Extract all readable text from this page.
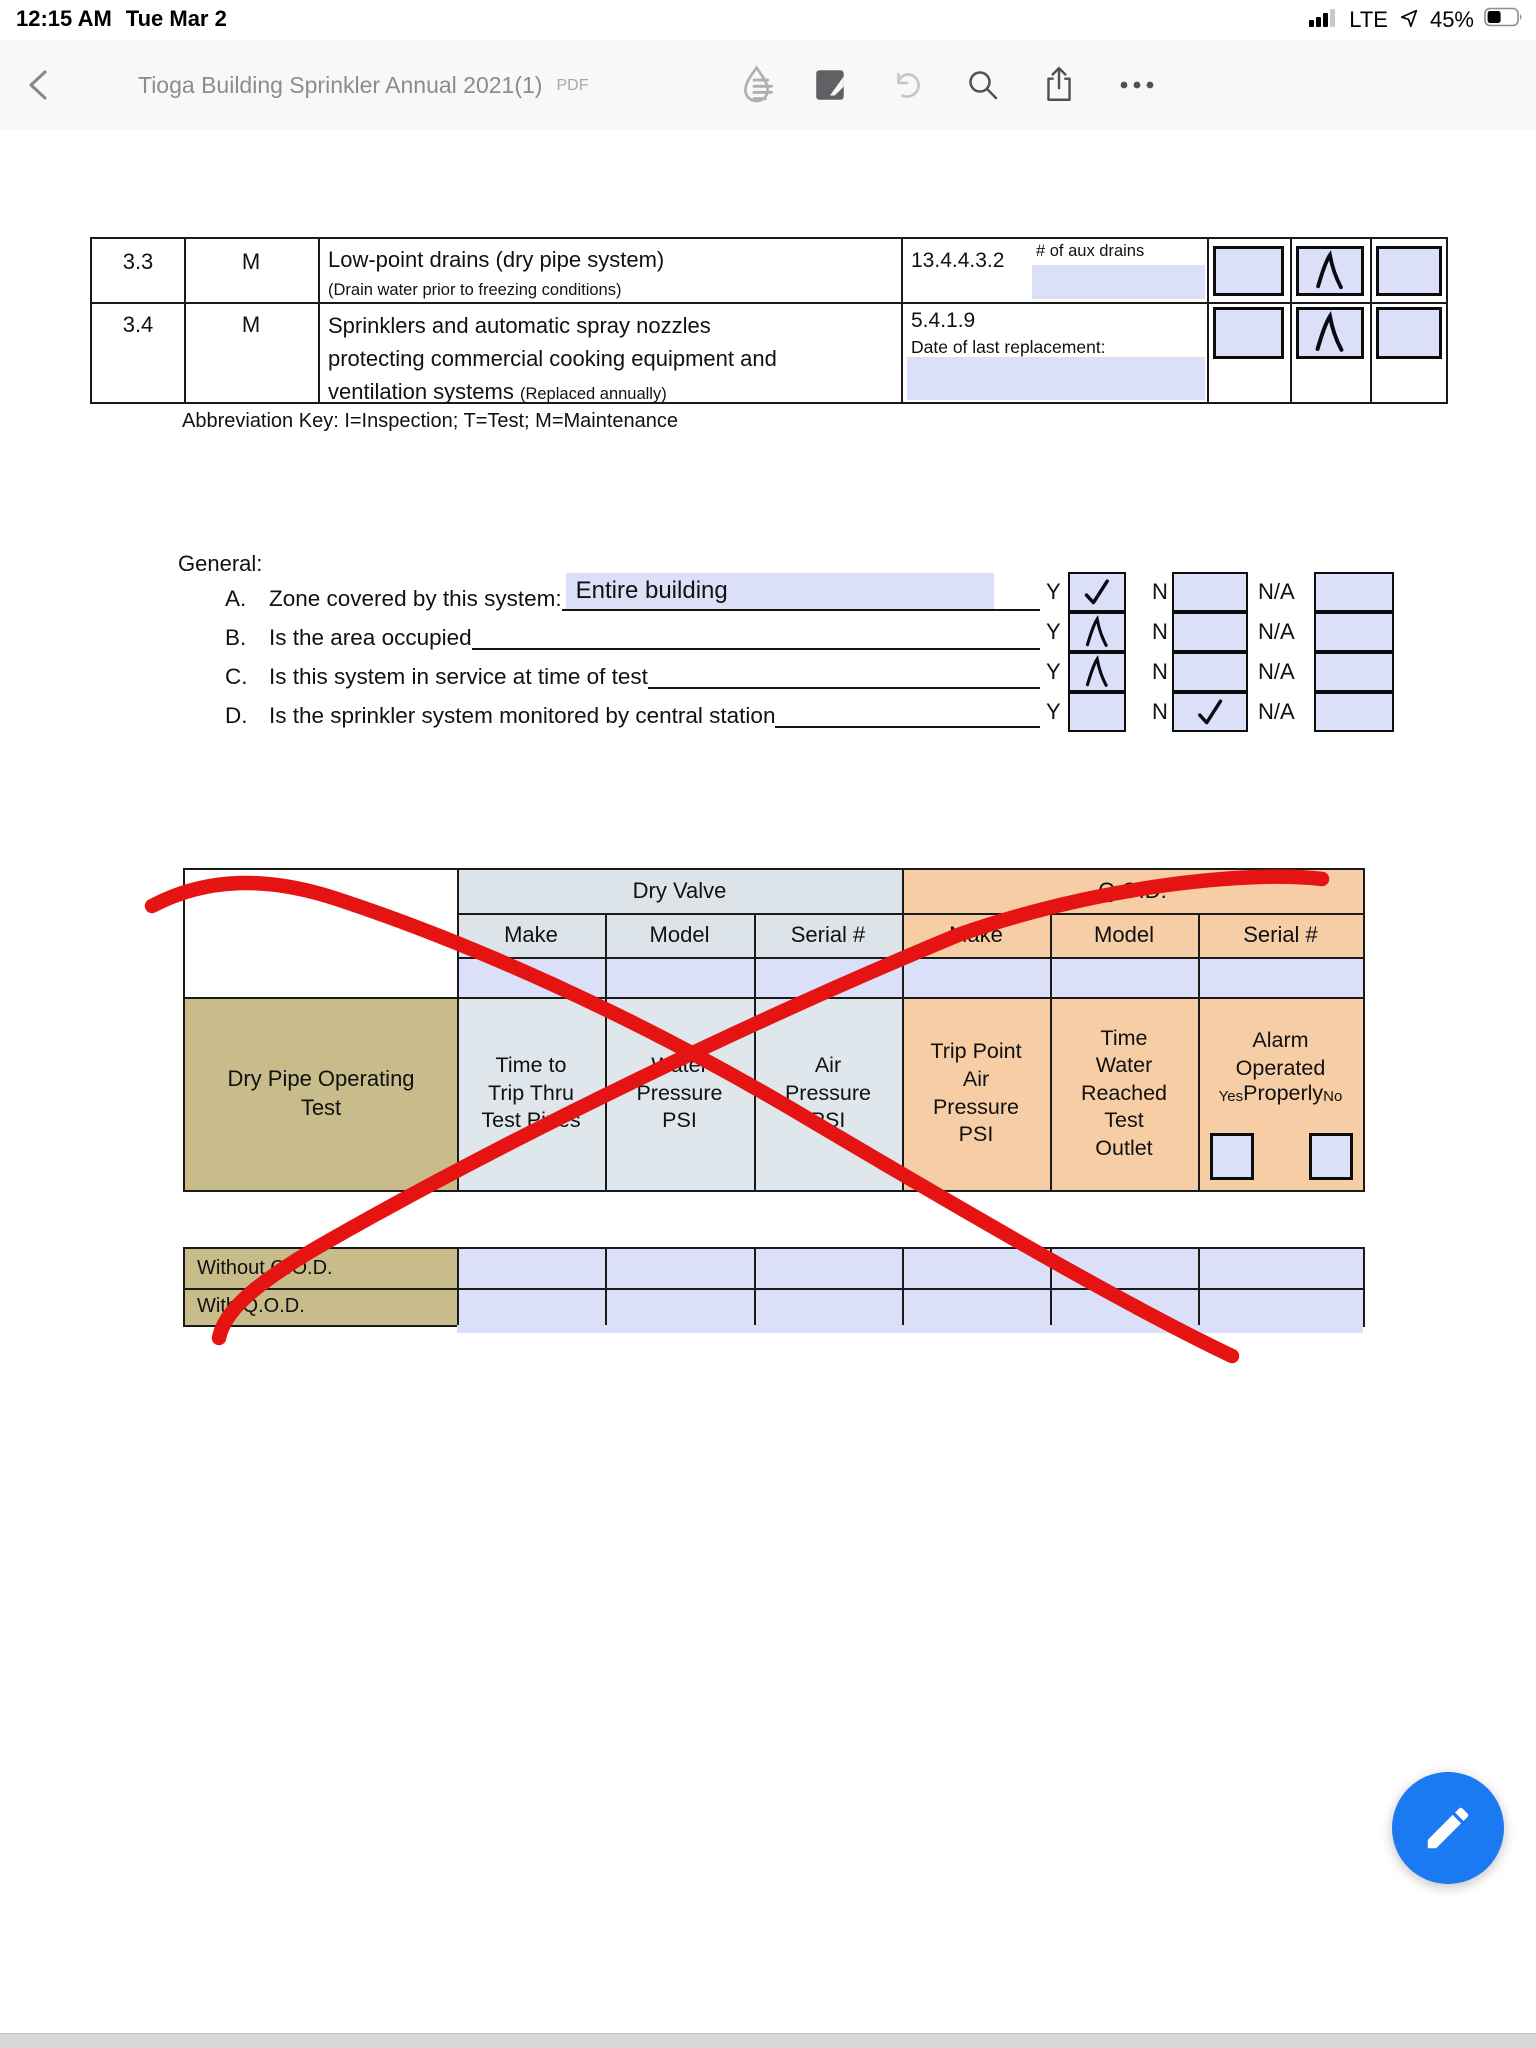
12:15 AM Tue Mar 2	LTE 45%
Tioga Building Sprinkler Annual 2021(1) PDF
3.3	M	Low-point drains (dry pipe system)
(Drain water prior to freezing conditions)
13.4.4.3.2 # of aux drains
3.4	M	Sprinklers and automatic spray nozzles
protecting commercial cooking equipment and
ventilation systems (Replaced annually)
5.4.1.9
Date of last replacement:
Abbreviation Key: I=Inspection; T=Test; M=Maintenance
General:
A.	Zone covered by this system: Entire building
B.	Is the area occupied
C. Is this system in service at time of test
D. Is the sprinkler system monitored by central station
Y	N	N/A
Y	N	N/A
Y	N	N/A
Y	N	N/A
Dry Valve	Q.O.D.
Make	Model	Serial #	Make	Model	Serial #
Dry Pipe Operating
Test
Time to
Trip Thru
Test Pipes
Water
Pressure
PSI
Air
Pressure
PSI
Trip Point
Air
Pressure
PSI
Time
Water
Reached
Test
Outlet
Alarm
Operated
Yes Properly No
Without Q.O.D.
With Q.O.D.
